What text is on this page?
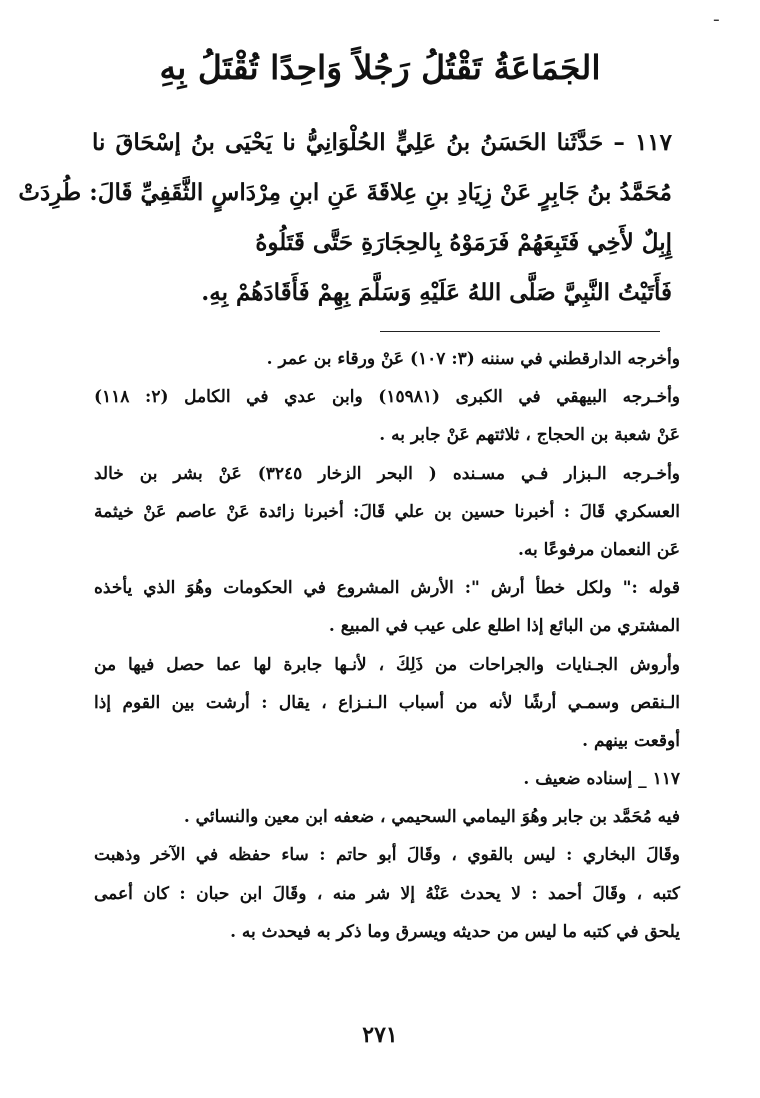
ـ
الجَمَاعَةُ تَقْتُلُ رَجُلاً وَاحِدًا تُقْتَلُ بِهِ
١١٧ – حَدَّثَنا الحَسَنُ بنُ عَلِيٍّ الحُلْوَانِيُّ نا يَحْيَى بنُ إسْحَاقَ نا
مُحَمَّدُ بنُ جَابِرٍ عَنْ زِيَادِ بنِ عِلاقَةَ عَنِ ابنِ مِرْدَاسٍ الثَّقَفِيِّ قَالَ: طُرِدَتْ
إِبِلٌ لأَخِي فَتَبِعَهُمْ فَرَمَوْهُ بِالحِجَارَةِ حَتَّى قَتَلُوهُ
فَأَتَيْتُ النَّبِيَّ صَلَّى اللهُ عَلَيْهِ وَسَلَّمَ بِهِمْ فَأَقَادَهُمْ بِهِ.
وأخرجه الدارقطني في سننه (٣: ١٠٧) عَنْ ورقاء بن عمر .
وأخـرجه البيهقي في الكبرى (١٥٩٨١) وابن عدي في الكامل (٢: ١١٨)
عَنْ شعبة بن الحجاج ، ثلاثتهم عَنْ جابر به .
وأخـرجه الـبزار فـي مسـنده ( البحر الزخار ٣٢٤٥) عَنْ بشر بن خالد
العسكري قَالَ : أخبرنا حسين بن علي قَالَ: أخبرنا زائدة عَنْ عاصم عَنْ خيثمة
عَن النعمان مرفوعًا به.
قوله :" ولكل خطأ أرش ": الأرش المشروع في الحكومات وهُوَ الذي يأخذه
المشتري من البائع إذا اطلع على عيب في المبيع .
وأروش الجـنايات والجراحات من ذَلِكَ ، لأنـها جابرة لها عما حصل فيها من
الـنقص وسمـي أرشًا لأنه من أسباب الـنـزاع ، يقال : أرشت بين القوم إذا
أوقعت بينهم .
١١٧ _ إسناده ضعيف .
فيه مُحَمَّد بن جابر وهُوَ اليمامي السحيمي ، ضعفه ابن معين والنسائي .
وقَالَ البخاري : ليس بالقوي ، وقَالَ أبو حاتم : ساء حفظه في الآخر وذهبت
كتبه ، وقَالَ أحمد : لا يحدث عَنْهُ إلا شر منه ، وقَالَ ابن حبان : كان أعمى
يلحق في كتبه ما ليس من حديثه ويسرق وما ذكر به فيحدث به .
٢٧١
